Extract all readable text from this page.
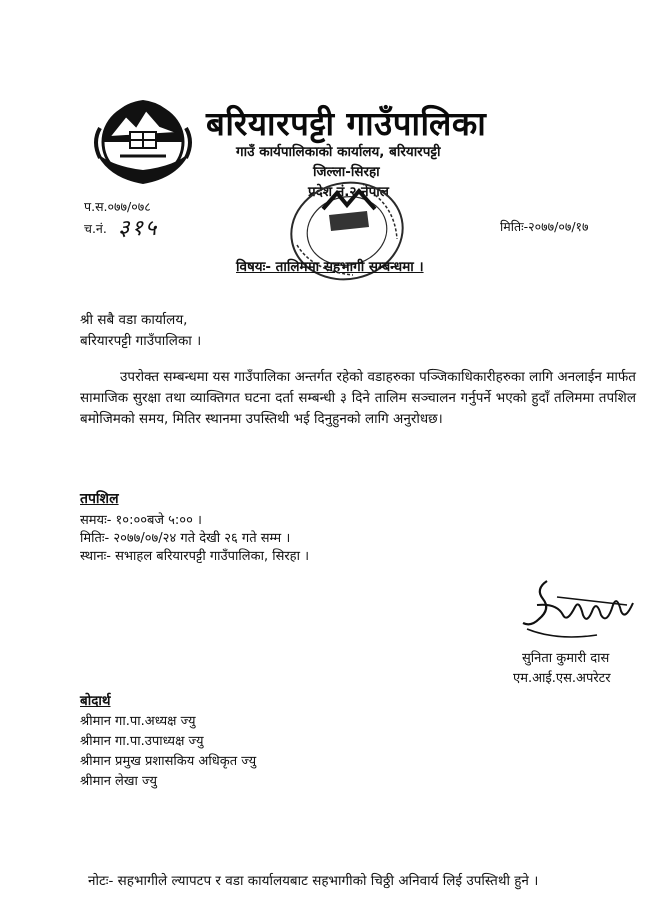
बरियारपट्टी गाउँपालिका
गाउँ कार्यपालिकाको कार्यालय, बरियारपट्टी
जिल्ला-सिरहा
प्रदेश नं.२ नेपाल
प.स.०७७/०७८
च.नं. ३१५	मितिः-२०७७/०७/१७
विषयः- तालिममा सहभागी सम्बन्धमा ।
श्री सबै वडा कार्यालय,
बरियारपट्टी गाउँपालिका ।

उपरोक्त सम्बन्धमा यस गाउँपालिका अन्तर्गत रहेको वडाहरुका पञ्जिकाधिकारीहरुका लागि अनलाईन मार्फत सामाजिक सुरक्षा तथा व्याक्तिगत घटना दर्ता सम्बन्धी ३ दिने तालिम सञ्चालन गर्नुपर्ने भएको हुदाँ तलिममा तपशिल बमोजिमको समय, मितिर स्थानमा उपस्तिथी भई दिनुहुनको लागि अनुरोधछ।

तपशिल
समयः- १०:००बजे ५:०० ।
मितिः- २०७७/०७/२४ गते देखी २६ गते सम्म ।
स्थानः- सभाहल बरियारपट्टी गाउँपालिका, सिरहा ।
सुनिता कुमारी दास
एम.आई.एस.अपरेटर
बोदार्थ
श्रीमान गा.पा.अध्यक्ष ज्यु
श्रीमान गा.पा.उपाध्यक्ष ज्यु
श्रीमान प्रमुख प्रशासकिय अधिकृत ज्यु
श्रीमान लेखा ज्यु
नोटः- सहभागीले ल्यापटप र वडा कार्यालयबाट सहभागीको चिठ्ठी अनिवार्य लिई उपस्तिथी हुने ।
